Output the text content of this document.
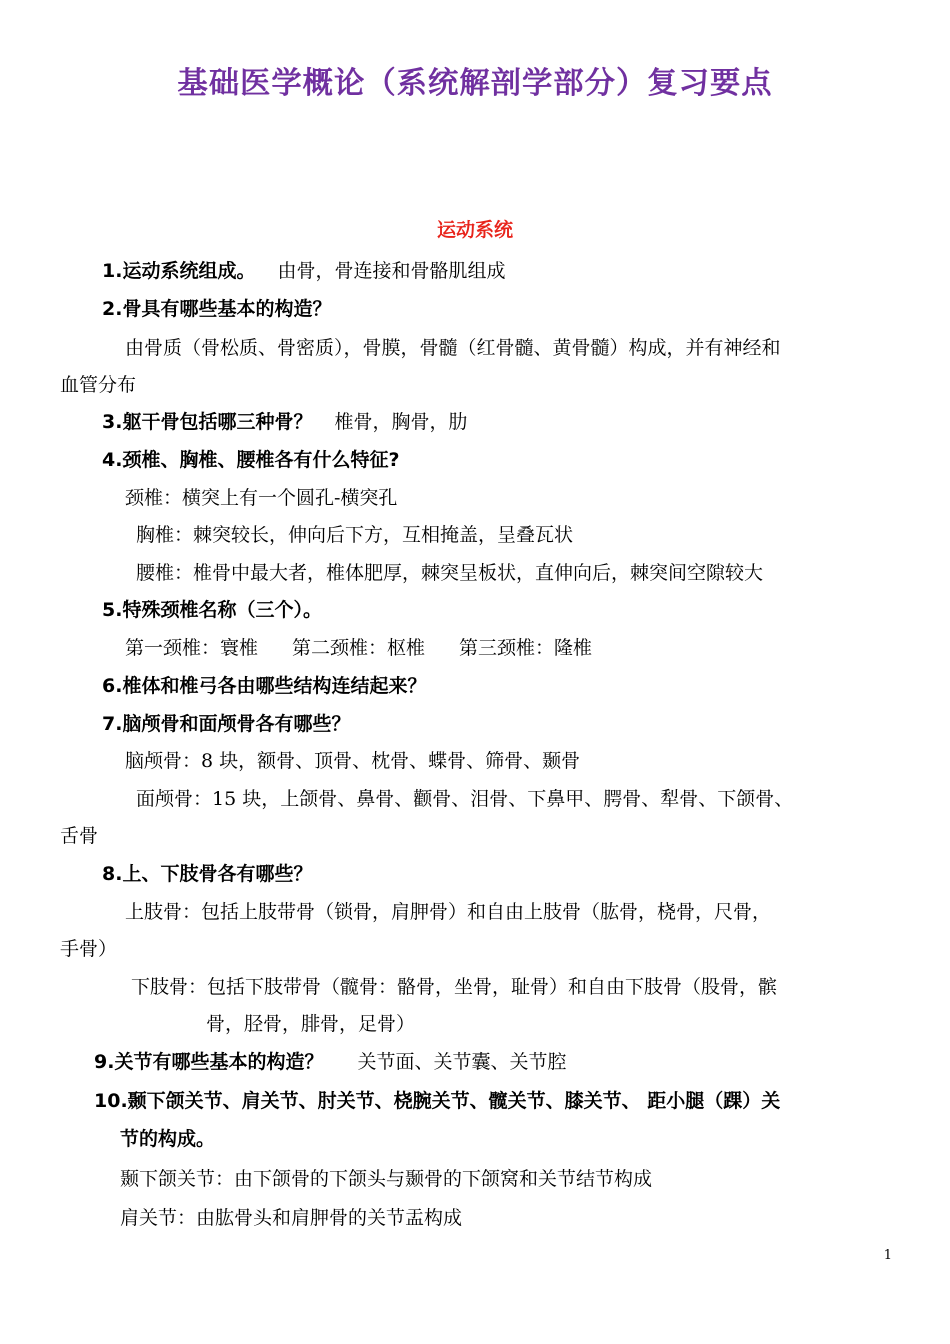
基础医学概论（系统解剖学部分）复习要点
运动系统
1.运动系统组成。 由骨，骨连接和骨骼肌组成
2.骨具有哪些基本的构造？
由骨质（骨松质、骨密质），骨膜，骨髓（红骨髓、黄骨髓）构成，并有神经和
血管分布
3.躯干骨包括哪三种骨？ 椎骨，胸骨，肋
4.颈椎、胸椎、腰椎各有什么特征?
颈椎：横突上有一个圆孔-横突孔
胸椎：棘突较长，伸向后下方，互相掩盖，呈叠瓦状
腰椎：椎骨中最大者，椎体肥厚，棘突呈板状，直伸向后，棘突间空隙较大
5.特殊颈椎名称（三个）。
第一颈椎：寰椎 第二颈椎：枢椎 第三颈椎：隆椎
6.椎体和椎弓各由哪些结构连结起来？
7.脑颅骨和面颅骨各有哪些？
脑颅骨：8 块，额骨、顶骨、枕骨、蝶骨、筛骨、颞骨
面颅骨：15 块，上颌骨、鼻骨、颧骨、泪骨、下鼻甲、腭骨、犁骨、下颌骨、
舌骨
8.上、下肢骨各有哪些？
上肢骨：包括上肢带骨（锁骨，肩胛骨）和自由上肢骨（肱骨，桡骨，尺骨，
手骨）
下肢骨：包括下肢带骨（髋骨：骼骨，坐骨，耻骨）和自由下肢骨（股骨，髌
骨，胫骨，腓骨，足骨）
9.关节有哪些基本的构造？ 关节面、关节囊、关节腔
10.颞下颌关节、肩关节、肘关节、桡腕关节、髋关节、膝关节、 距小腿（踝）关
节的构成。
颞下颌关节：由下颌骨的下颌头与颞骨的下颌窝和关节结节构成
肩关节：由肱骨头和肩胛骨的关节盂构成
1
